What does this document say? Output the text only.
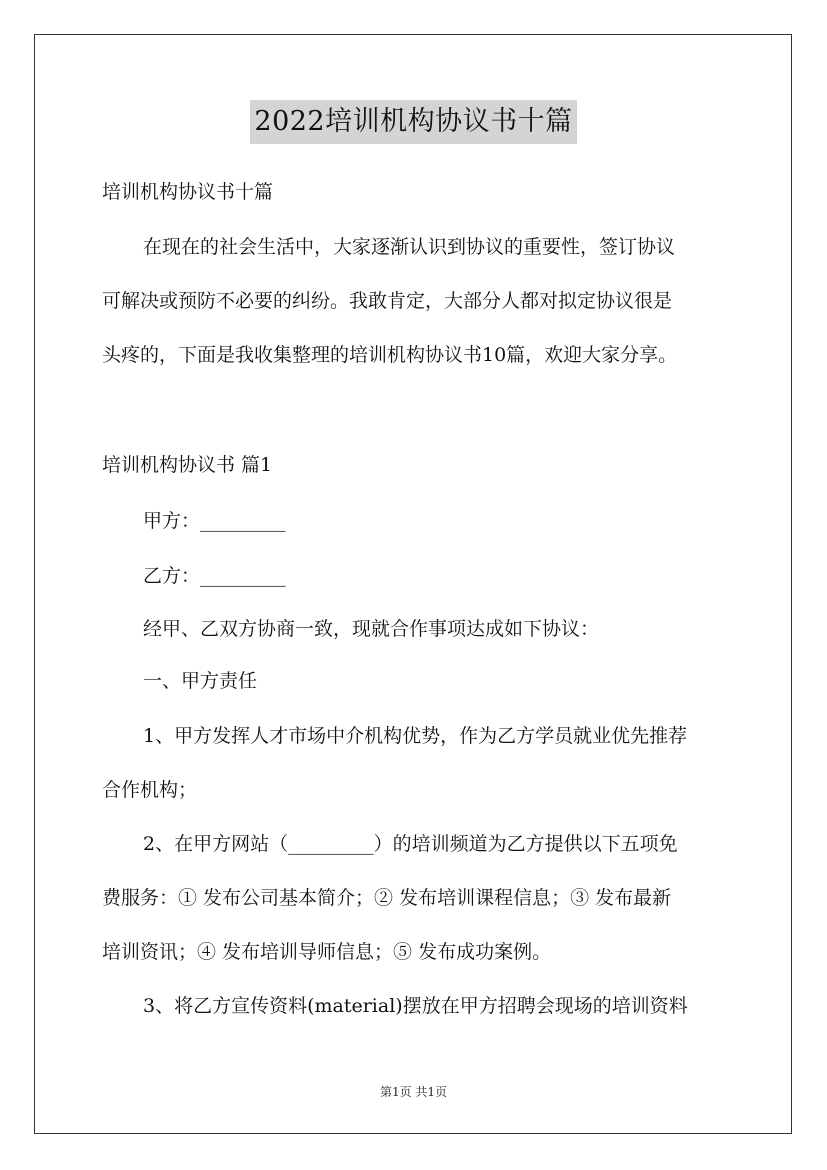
2022培训机构协议书十篇
培训机构协议书十篇
在现在的社会生活中，大家逐渐认识到协议的重要性，签订协议
可解决或预防不必要的纠纷。我敢肯定，大部分人都对拟定协议很是
头疼的，下面是我收集整理的培训机构协议书10篇，欢迎大家分享。
培训机构协议书 篇1
甲方：_________
乙方：_________
经甲、乙双方协商一致，现就合作事项达成如下协议：
一、甲方责任
1、甲方发挥人才市场中介机构优势，作为乙方学员就业优先推荐
合作机构；
2、在甲方网站（_________）的培训频道为乙方提供以下五项免
费服务：① 发布公司基本简介；② 发布培训课程信息；③ 发布最新
培训资讯；④ 发布培训导师信息；⑤ 发布成功案例。
3、将乙方宣传资料(material)摆放在甲方招聘会现场的培训资料
第1页 共1页
